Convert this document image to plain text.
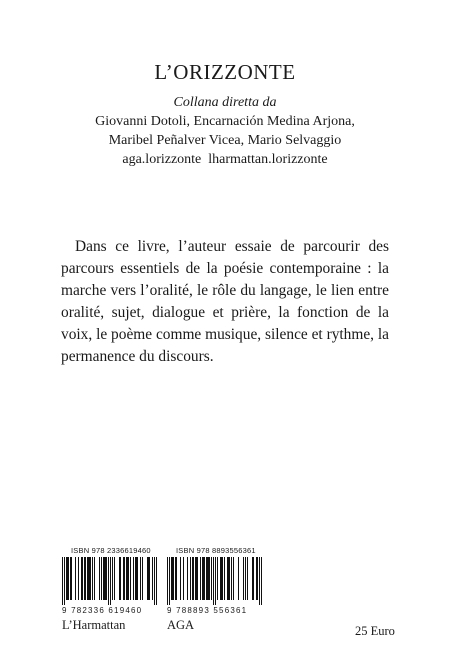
L’ORIZZONTE
Collana diretta da
Giovanni Dotoli, Encarnación Medina Arjona,
Maribel Peñalver Vicea, Mario Selvaggio
aga.lorizzonte  lharmattan.lorizzonte
Dans ce livre, l’auteur essaie de parcourir des parcours essentiels de la poésie contemporaine : la marche vers l’oralité, le rôle du langage, le lien entre oralité, sujet, dialogue et prière, la fonction de la voix, le poème comme musique, silence et rythme, la permanence du discours.
ISBN 978 2336619460
9 782336 619460
L’Harmattan
ISBN 978 8893556361
9 788893 556361
AGA	25 Euro
